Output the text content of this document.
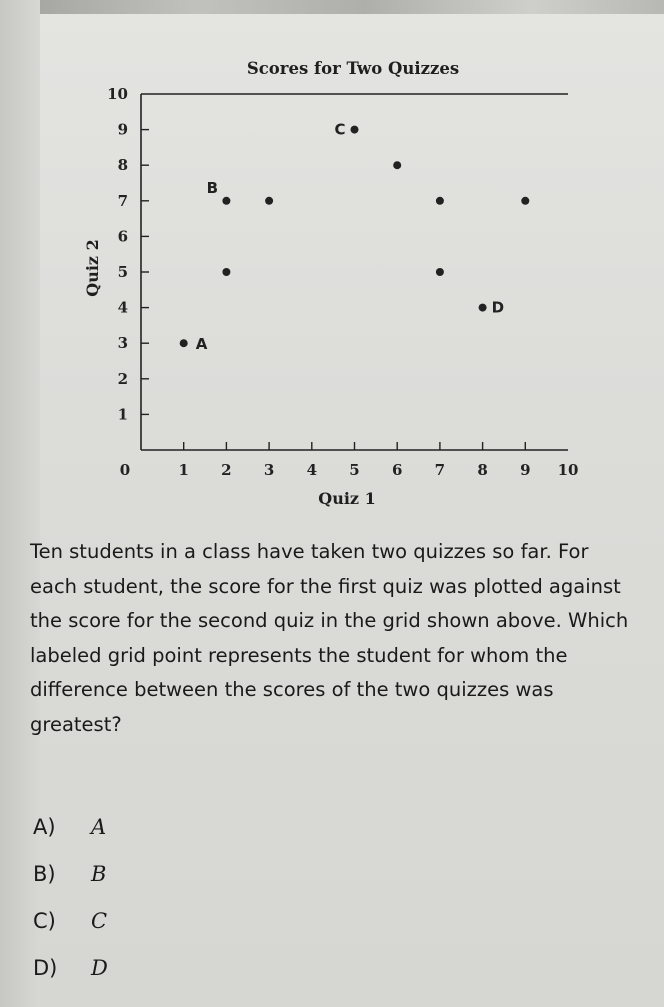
Scores for Two Quizzes
Quiz 1
Quiz 2
0	1 2 3 4 5 6 7 8 9 10
1
2
3
4
5
6
7
8
9
10
A
B
C
D

Ten students in a class have taken two quizzes so far. For each student, the score for the first quiz was plotted against the score for the second quiz in the grid shown above. Which labeled grid point represents the student for whom the difference between the scores of the two quizzes was greatest?

A)	A
B)	B
C)	C
D)	D
